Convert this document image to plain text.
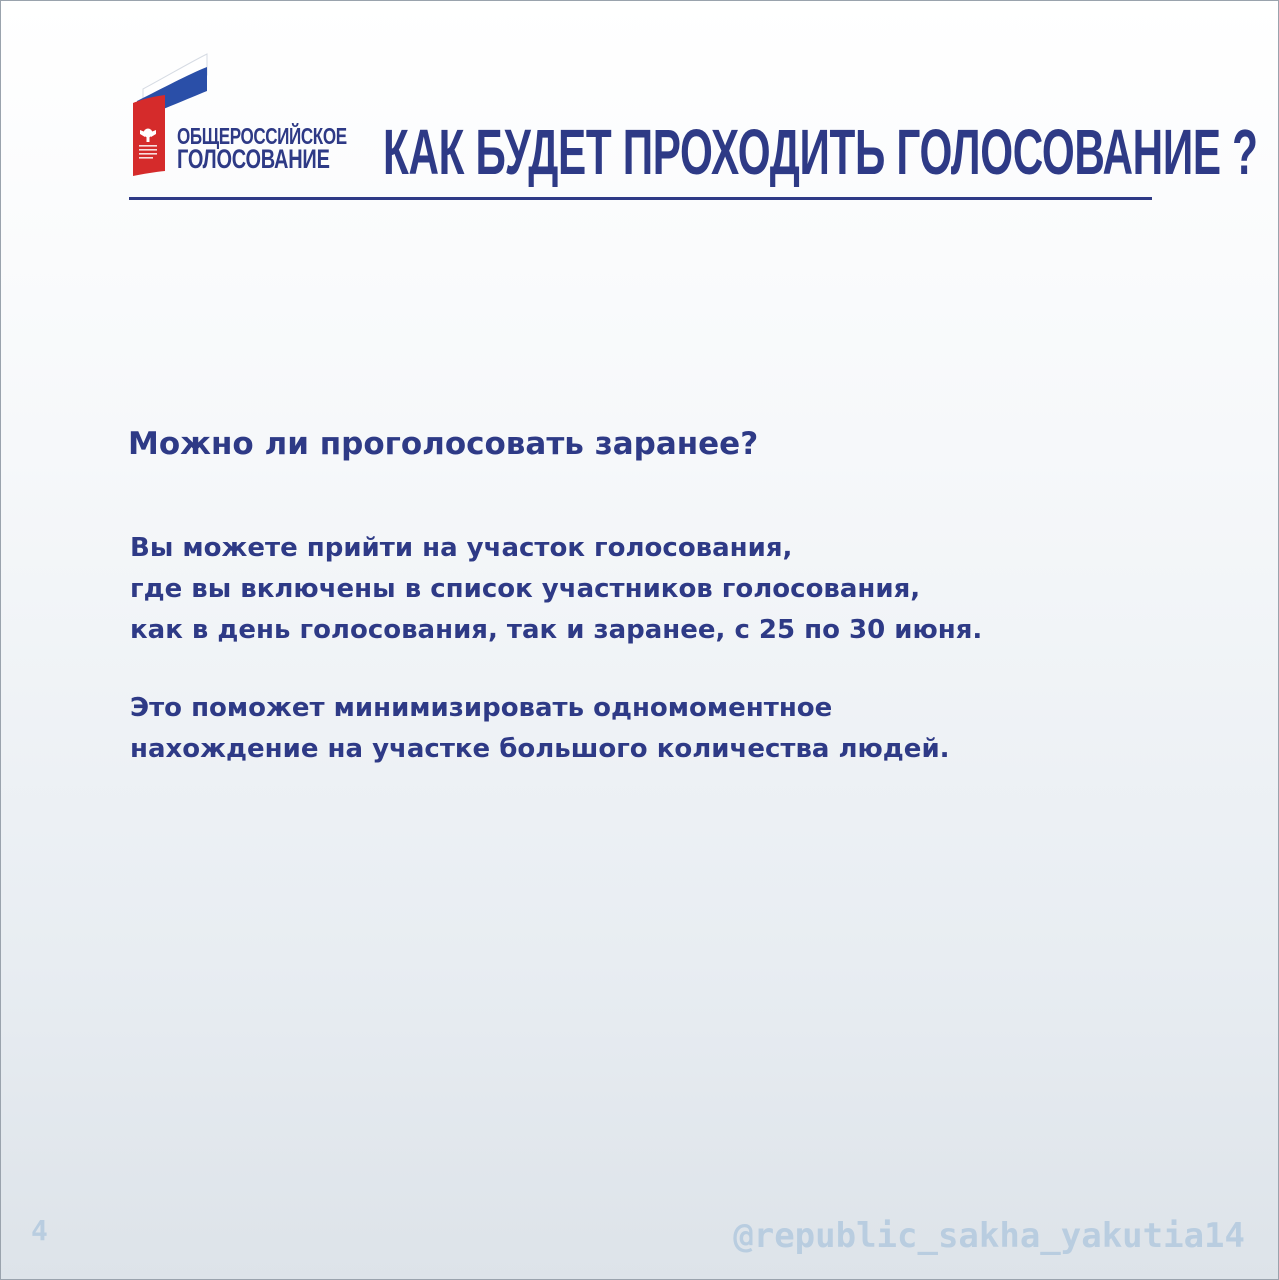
ОБЩЕРОССИЙСКОЕ
ГОЛОСОВАНИЕ КАК БУДЕТ ПРОХОДИТЬ ГОЛОСОВАНИЕ ?
Можно ли проголосовать заранее?
Вы можете прийти на участок голосования,
где вы включены в список участников голосования,
как в день голосования, так и заранее, с 25 по 30 июня.
Это поможет минимизировать одномоментное
нахождение на участке большого количества людей.
4	@republic_sakha_yakutia14
